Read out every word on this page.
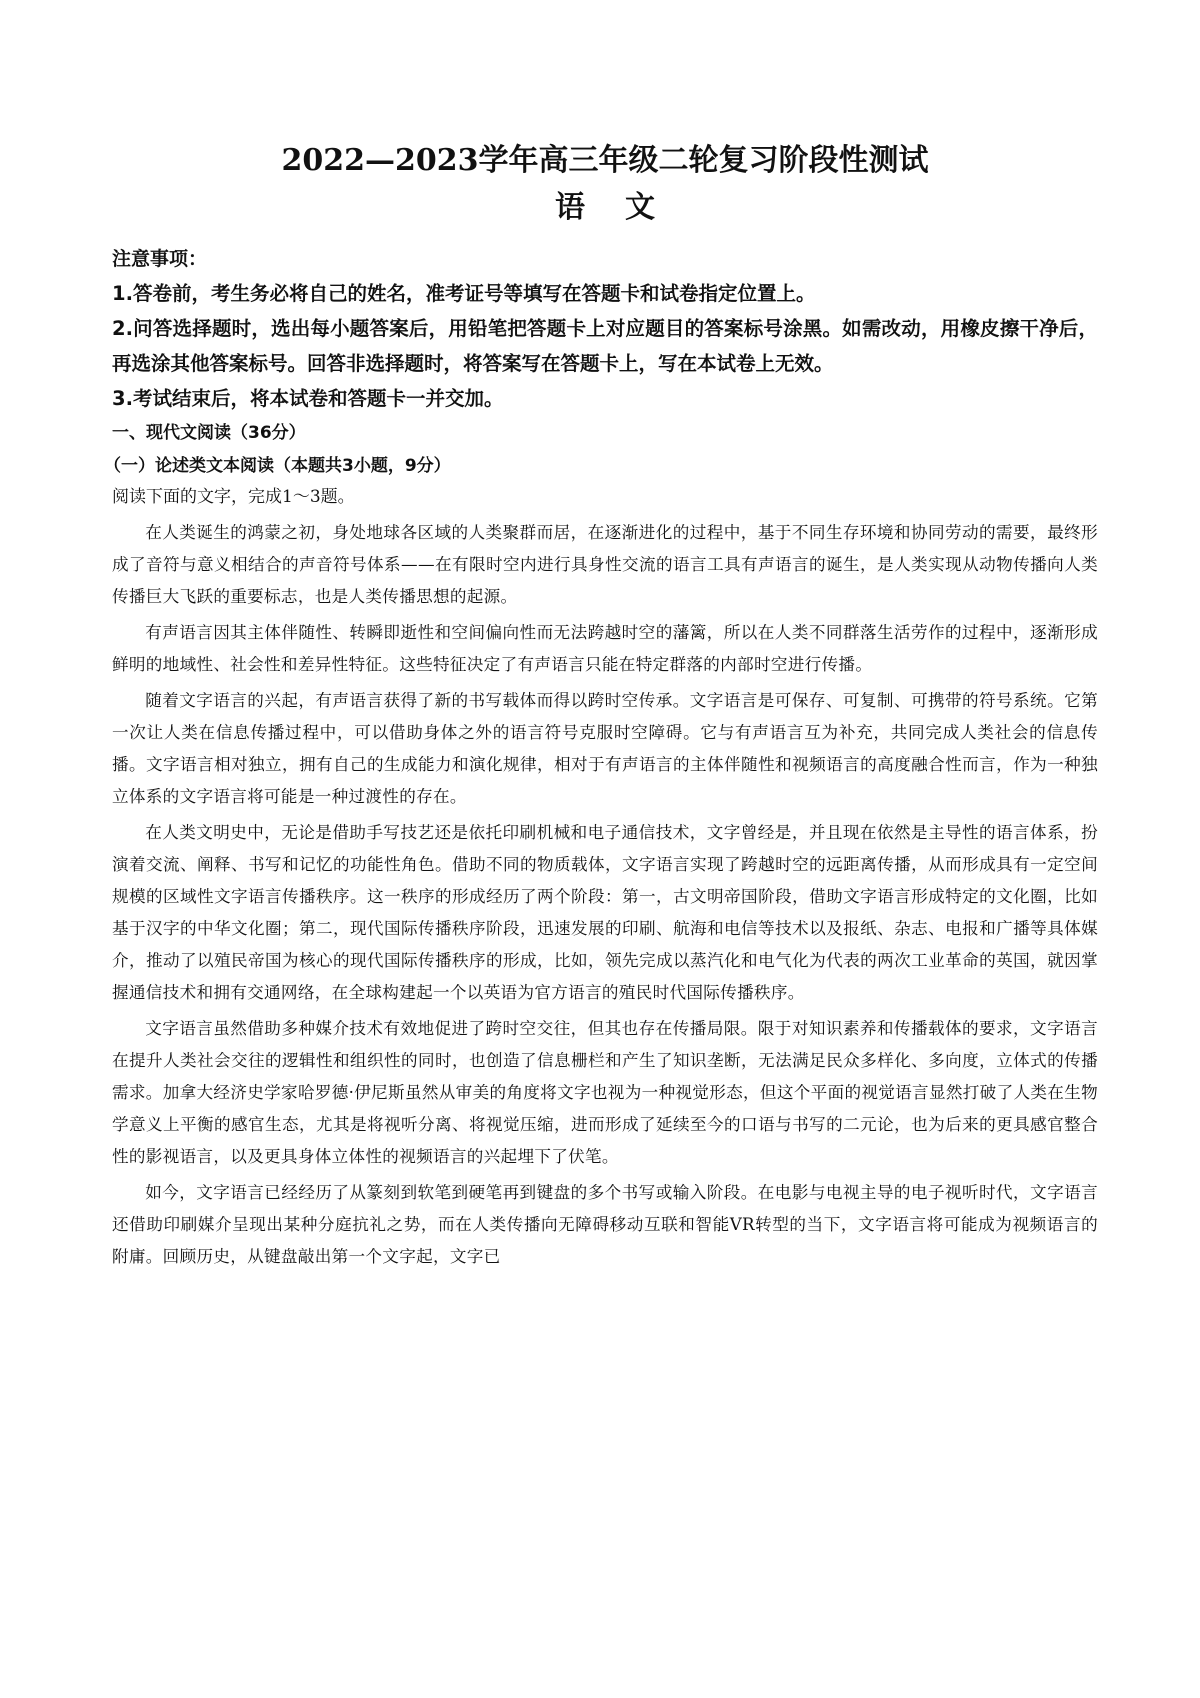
2022—2023学年高三年级二轮复习阶段性测试
语文

注意事项：

1.答卷前，考生务必将自己的姓名，准考证号等填写在答题卡和试卷指定位置上。

2.问答选择题时，选出每小题答案后，用铅笔把答题卡上对应题目的答案标号涂黑。如需改动，用橡皮擦干净后，再选涂其他答案标号。回答非选择题时，将答案写在答题卡上，写在本试卷上无效。

3.考试结束后，将本试卷和答题卡一并交加。

一、现代文阅读（36分）

（一）论述类文本阅读（本题共3小题，9分）

阅读下面的文字，完成1～3题。

在人类诞生的鸿蒙之初，身处地球各区域的人类聚群而居，在逐渐进化的过程中，基于不同生存环境和协同劳动的需要，最终形成了音符与意义相结合的声音符号体系——在有限时空内进行具身性交流的语言工具有声语言的诞生，是人类实现从动物传播向人类传播巨大飞跃的重要标志，也是人类传播思想的起源。

有声语言因其主体伴随性、转瞬即逝性和空间偏向性而无法跨越时空的藩篱，所以在人类不同群落生活劳作的过程中，逐渐形成鲜明的地域性、社会性和差异性特征。这些特征决定了有声语言只能在特定群落的内部时空进行传播。

随着文字语言的兴起，有声语言获得了新的书写载体而得以跨时空传承。文字语言是可保存、可复制、可携带的符号系统。它第一次让人类在信息传播过程中，可以借助身体之外的语言符号克服时空障碍。它与有声语言互为补充，共同完成人类社会的信息传播。文字语言相对独立，拥有自己的生成能力和演化规律，相对于有声语言的主体伴随性和视频语言的高度融合性而言，作为一种独立体系的文字语言将可能是一种过渡性的存在。

在人类文明史中，无论是借助手写技艺还是依托印刷机械和电子通信技术，文字曾经是，并且现在依然是主导性的语言体系，扮演着交流、阐释、书写和记忆的功能性角色。借助不同的物质载体，文字语言实现了跨越时空的远距离传播，从而形成具有一定空间规模的区域性文字语言传播秩序。这一秩序的形成经历了两个阶段：第一，古文明帝国阶段，借助文字语言形成特定的文化圈，比如基于汉字的中华文化圈；第二，现代国际传播秩序阶段，迅速发展的印刷、航海和电信等技术以及报纸、杂志、电报和广播等具体媒介，推动了以殖民帝国为核心的现代国际传播秩序的形成，比如，领先完成以蒸汽化和电气化为代表的两次工业革命的英国，就因掌握通信技术和拥有交通网络，在全球构建起一个以英语为官方语言的殖民时代国际传播秩序。

文字语言虽然借助多种媒介技术有效地促进了跨时空交往，但其也存在传播局限。限于对知识素养和传播载体的要求，文字语言在提升人类社会交往的逻辑性和组织性的同时，也创造了信息栅栏和产生了知识垄断，无法满足民众多样化、多向度，立体式的传播需求。加拿大经济史学家哈罗德·伊尼斯虽然从审美的角度将文字也视为一种视觉形态，但这个平面的视觉语言显然打破了人类在生物学意义上平衡的感官生态，尤其是将视听分离、将视觉压缩，进而形成了延续至今的口语与书写的二元论，也为后来的更具感官整合性的影视语言，以及更具身体立体性的视频语言的兴起埋下了伏笔。

如今，文字语言已经经历了从篆刻到软笔到硬笔再到键盘的多个书写或输入阶段。在电影与电视主导的电子视听时代，文字语言还借助印刷媒介呈现出某种分庭抗礼之势，而在人类传播向无障碍移动互联和智能VR转型的当下，文字语言将可能成为视频语言的附庸。回顾历史，从键盘敲出第一个文字起，文字已
